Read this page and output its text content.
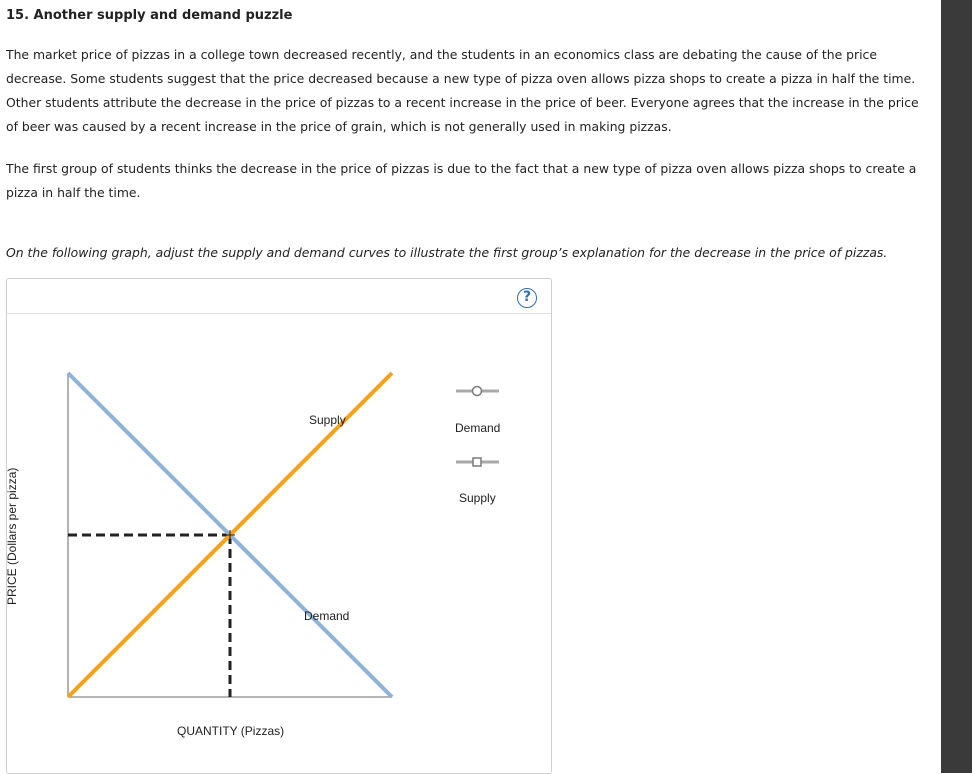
15. Another supply and demand puzzle
The market price of pizzas in a college town decreased recently, and the students in an economics class are debating the cause of the price decrease. Some students suggest that the price decreased because a new type of pizza oven allows pizza shops to create a pizza in half the time. Other students attribute the decrease in the price of pizzas to a recent increase in the price of beer. Everyone agrees that the increase in the price of beer was caused by a recent increase in the price of grain, which is not generally used in making pizzas.
The first group of students thinks the decrease in the price of pizzas is due to the fact that a new type of pizza oven allows pizza shops to create a pizza in half the time.
On the following graph, adjust the supply and demand curves to illustrate the first group’s explanation for the decrease in the price of pizzas.
?
PRICE (Dollars per pizza)
QUANTITY (Pizzas)
Supply
Demand
Demand
Supply
